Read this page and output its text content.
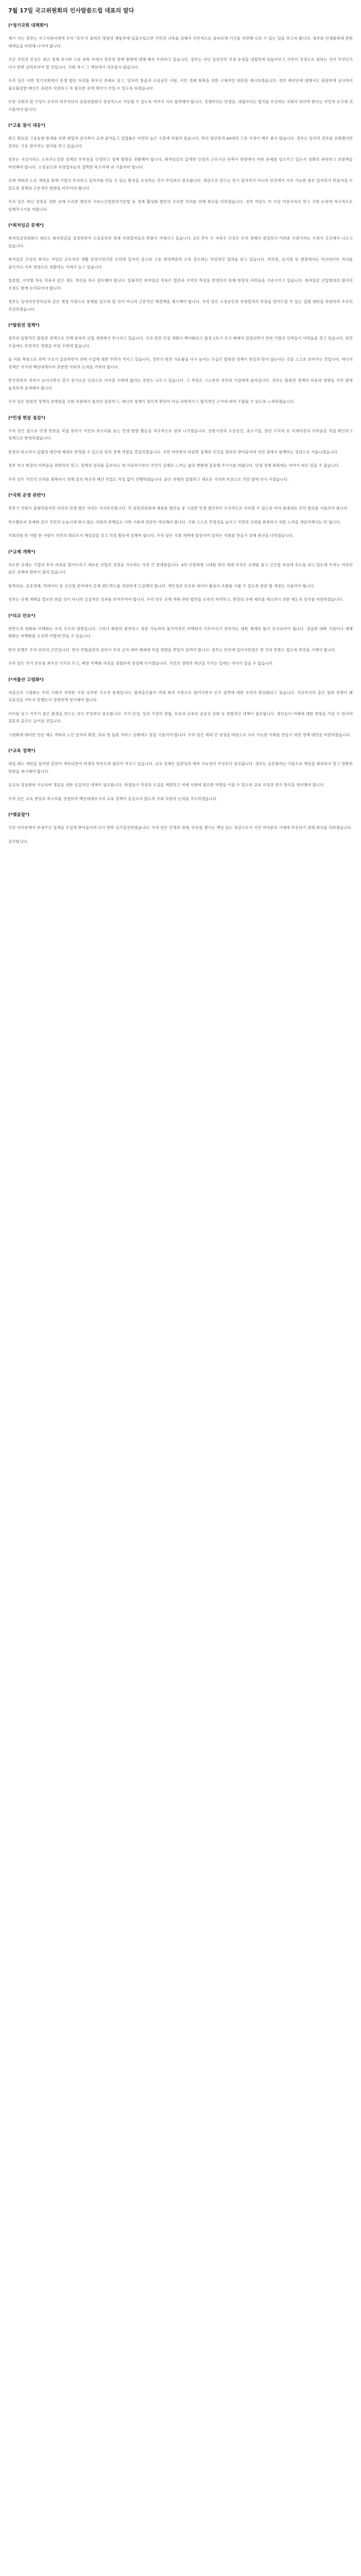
7월 17일 국고위원회의 인사말씀드립 대표의 말다
(*정기국회 대책회*)

재기 가는 정부는 국고지원이에게 우리 '정치'가 올바른 방향성 제몫부에 있을수있으면 국민과 나라를 위해서 국민적으로 올바르게 기구를 마련해 나갈 수 있는 일을 하고자 합니다. 정부와 민생회복에 관한 대책들을 마련해 나가야 합니다.

지금 국민의 민심은 최근 경제 위기와 고용 위축 속에서 정부의 정책 방향에 대해 매우 우려하고 있습니다. 정부는 지난 일년간의 국정 운영을 냉철하게 되돌아보고 국민이 진정으로 원하는 것이 무엇인지 다시 한번 살펴보아야 할 것입니다. 국회 역시 그 책임에서 자유롭지 않습니다.

우리 당은 이번 정기국회에서 민생 법안 처리를 최우선 과제로 삼고, 일자리 창출과 소상공인 지원, 서민 경제 회복을 위한 구체적인 대안을 제시하겠습니다. 정부 예산안에 대해서도 꼼꼼하게 심사하여 불요불급한 예산은 과감히 삭감하고 꼭 필요한 곳에 예산이 쓰일 수 있도록 하겠습니다.

또한 국회의 원 구성이 조속히 마무리되어 상임위원회가 정상적으로 가동될 수 있도록 여야가 서로 협력해야 합니다. 정쟁보다는 민생을, 대립보다는 협치를 우선하는 국회가 되어야 한다는 국민의 요구에 귀 기울여야 합니다.

(*고용 참사 대응*)

최근 발표된 고용동향 통계를 보면 취업자 증가폭이 크게 줄어들고 실업률은 여전히 높은 수준에 머물러 있습니다. 특히 청년층과 40대의 고용 사정이 매우 좋지 않습니다. 정부는 일자리 정부를 표방했지만 결과는 고용 참사라는 평가를 받고 있습니다.

정부는 지금이라도 소득주도성장 정책의 부작용을 인정하고 정책 방향을 전환해야 합니다. 최저임금의 급격한 인상과 근로시간 단축이 현장에서 어떤 문제를 일으키고 있는지 정확히 파악하고 보완책을 마련해야 합니다. 소상공인과 자영업자들의 절박한 목소리에 귀 기울여야 합니다.

규제 개혁과 노동 개혁을 통해 기업이 투자하고 일자리를 만들 수 있는 환경을 조성하는 것이 무엇보다 중요합니다. 세금으로 만드는 단기 일자리가 아니라 민간에서 지속 가능한 좋은 일자리가 만들어질 수 있도록 정책의 근본적인 방향을 바꾸어야 합니다.

우리 당은 혁신 성장을 위한 규제 프리존 법안과 서비스산업발전기본법 등 경제 활성화 법안의 조속한 처리를 위해 최선을 다하겠습니다. 정부 여당도 더 이상 머뭇거리지 말고 국회 논의에 적극적으로 임해주시기를 바랍니다.

(*최저임금 문제*)

최저임금위원회가 내년도 최저임금을 결정하면서 소상공인과 영세 자영업자들의 반발이 거세지고 있습니다. 2년 연속 두 자릿수 인상은 우리 경제가 감당하기 어려운 수준이라는 우려가 곳곳에서 나오고 있습니다.

최저임금 인상의 취지는 저임금 근로자의 생활 안정이었지만 오히려 일자리 감소와 고용 취약계층의 소득 감소라는 역설적인 결과를 낳고 있습니다. 편의점, 음식점 등 현장에서는 아르바이트 자리를 줄이거나 가족 경영으로 전환하는 사례가 늘고 있습니다.

업종별, 지역별 차등 적용과 같은 제도 개선을 적극 검토해야 합니다. 일률적인 최저임금 적용은 업종과 지역의 특성을 반영하지 못해 현장의 어려움을 가중시키고 있습니다. 최저임금 산입범위의 합리적 조정도 함께 논의되어야 합니다.

정부는 일자리안정자금과 같은 재정 지원으로 문제를 덮으려 할 것이 아니라 근본적인 해결책을 제시해야 합니다. 우리 당은 소상공인과 자영업자의 부담을 덜어드릴 수 있는 입법 대안을 마련하여 조속히 추진하겠습니다.

(*탈원전 정책*)

정부의 일방적인 탈원전 정책으로 인해 원자력 산업 생태계가 무너지고 있습니다. 신규 원전 건설 계획이 백지화되고 월성 1호기 조기 폐쇄가 결정되면서 관련 기업과 인력들이 어려움을 겪고 있습니다. 원전 수출에도 부정적인 영향을 미칠 수밖에 없습니다.

올 여름 폭염으로 전력 수요가 급증하면서 전력 수급에 대한 우려가 커지고 있습니다. 정부가 원전 가동률을 다시 높이는 모습은 탈원전 정책이 현실과 맞지 않는다는 것을 스스로 보여주는 것입니다. 에너지 정책은 국가의 백년대계이며 충분한 사회적 논의를 거쳐야 합니다.

한국전력의 적자가 늘어나면서 결국 전기요금 인상으로 이어질 수밖에 없다는 전망도 나오고 있습니다. 그 부담은 고스란히 국민과 기업에게 돌아갑니다. 정부는 탈원전 정책의 비용과 영향을 국민 앞에 솔직하게 공개해야 합니다.

우리 당은 탈원전 정책의 문제점을 국회 차원에서 철저히 검증하고, 에너지 정책이 정치적 판단이 아닌 과학적이고 합리적인 근거에 따라 수립될 수 있도록 노력하겠습니다.

(*민생 현장 점검*)

우리 당은 앞으로 민생 현장을 직접 찾아가 국민의 목소리를 듣는 민생 탐방 활동을 적극적으로 펼쳐 나가겠습니다. 전통시장과 소상공인, 중소기업, 청년 구직자 등 각계각층의 어려움을 직접 확인하고 정책으로 반영하겠습니다.

현장의 목소리가 입법과 예산에 제대로 반영될 수 있도록 당의 정책 역량을 결집하겠습니다. 국민 여러분의 따끔한 질책과 조언을 겸허히 받아들이며 국민 곁에서 함께하는 정당으로 거듭나겠습니다.

정부 역시 현장의 어려움을 외면하지 말고, 정책의 성과를 홍보하는 데 치중하기보다 국민이 실제로 느끼는 삶의 변화에 집중해 주시기를 바랍니다. 민생 경제 회복에는 여야가 따로 있을 수 없습니다.

우리 당은 국민의 신뢰를 회복하기 위해 당의 혁신과 쇄신 작업도 차질 없이 진행하겠습니다. 낡은 관행과 결별하고 새로운 가치와 비전으로 국민 앞에 다시 서겠습니다.

(*국회 운영 관련*)

후반기 국회가 출범하였지만 여전히 민생 법안 처리는 지지부진합니다. 각 상임위원회에 계류된 법안들 중 시급한 민생 법안부터 우선적으로 처리할 수 있도록 여야 원내대표 간의 협의를 서둘러야 합니다.

특수활동비 문제와 같이 국민의 눈높이에 맞지 않는 국회의 관행들도 이번 기회에 과감히 개선해야 합니다. 국회 스스로 투명성을 높이고 국민의 신뢰를 회복하기 위한 노력을 게을리해서는 안 됩니다.

국회의원 한 사람 한 사람이 국민의 대표로서 책임감을 갖고 의정 활동에 임해야 합니다. 우리 당은 국회 개혁에 앞장서며 일하는 국회를 만들기 위해 최선을 다하겠습니다.

(*규제 개혁*)

과도한 규제는 기업의 투자 의욕을 떨어뜨리고 새로운 산업의 성장을 가로막는 가장 큰 장애물입니다. 4차 산업혁명 시대를 맞아 세계 각국은 규제를 풀고 신산업 육성에 속도를 내고 있는데 우리는 여전히 낡은 규제에 발목이 잡혀 있습니다.

원격의료, 공유경제, 빅데이터 등 신산업 분야에서 규제 샌드박스를 과감하게 도입해야 합니다. 개인정보 보호와 데이터 활용이 조화를 이룰 수 있도록 관련 법 개정도 서둘러야 합니다.

정부는 규제 개혁을 말로만 외칠 것이 아니라 실질적인 성과를 보여주어야 합니다. 우리 당은 규제 개혁 관련 법안을 조속히 처리하고, 현장의 규제 애로를 해소하기 위한 제도적 장치를 마련하겠습니다.

(*외교 안보*)

한반도의 평화와 비핵화는 우리 모두의 염원입니다. 그러나 북한의 완전하고 검증 가능하며 불가역적인 비핵화가 이루어지기 전까지는 대북 제재의 틀이 유지되어야 합니다. 성급한 대북 지원이나 제재 완화는 비핵화를 오히려 어렵게 만들 수 있습니다.

한미 동맹은 우리 안보의 근간입니다. 한미 연합훈련의 중단이 우리 군의 대비 태세에 미칠 영향을 면밀히 살펴야 합니다. 정부는 안보에 있어서만큼은 한 치의 빈틈도 없도록 만전을 기해야 합니다.

우리 당은 국가 안보를 최우선 가치로 두고, 북한 비핵화 과정을 냉철하게 점검해 나가겠습니다. 국민의 생명과 재산을 지키는 일에는 여야가 있을 수 없습니다.

(*저출산 고령화*)

저출산과 고령화는 우리 사회가 직면한 가장 심각한 구조적 문제입니다. 합계출산율이 역대 최저 수준으로 떨어지면서 인구 절벽에 대한 우려가 현실화되고 있습니다. 지금까지의 출산 장려 정책이 왜 실효성을 거두지 못했는지 냉정하게 평가해야 합니다.

아이를 낳고 키우기 좋은 환경을 만드는 것이 무엇보다 중요합니다. 주거 안정, 일과 가정의 양립, 보육과 교육의 공공성 강화 등 종합적인 대책이 필요합니다. 청년들이 미래에 대한 희망을 가질 수 있어야 결혼과 출산도 늘어날 것입니다.

고령화에 대비한 연금 제도 개혁과 노인 일자리 확충, 의료 및 돌봄 서비스 강화에도 힘을 기울여야 합니다. 우리 당은 세대 간 상생을 바탕으로 지속 가능한 사회를 만들기 위한 정책 대안을 마련하겠습니다.

(*교육 정책*)

대입 제도 개편을 둘러싼 혼란이 계속되면서 학생과 학부모의 불안이 커지고 있습니다. 교육 정책은 일관성과 예측 가능성이 무엇보다 중요합니다. 정부는 공론화라는 이름으로 책임을 회피하지 말고 명확한 방향을 제시해야 합니다.

공교육 정상화와 사교육비 경감을 위한 실질적인 대책이 필요합니다. 학생들이 적성과 소질을 계발하고 미래 사회에 필요한 역량을 키울 수 있도록 교육 과정과 평가 방식을 개선해야 합니다.

우리 당은 교육 현장의 목소리를 경청하며 백년대계로서의 교육 정책이 흔들리지 않도록 국회 차원의 논의를 주도하겠습니다.

(*맺음말*)

국민 여러분께서 보내주신 질책을 무겁게 받아들이며 다시 한번 심기일전하겠습니다. 우리 당은 민생과 경제, 안보를 챙기는 책임 있는 정당으로서 국민 여러분의 기대에 부응하기 위해 최선을 다하겠습니다.

감사합니다.
